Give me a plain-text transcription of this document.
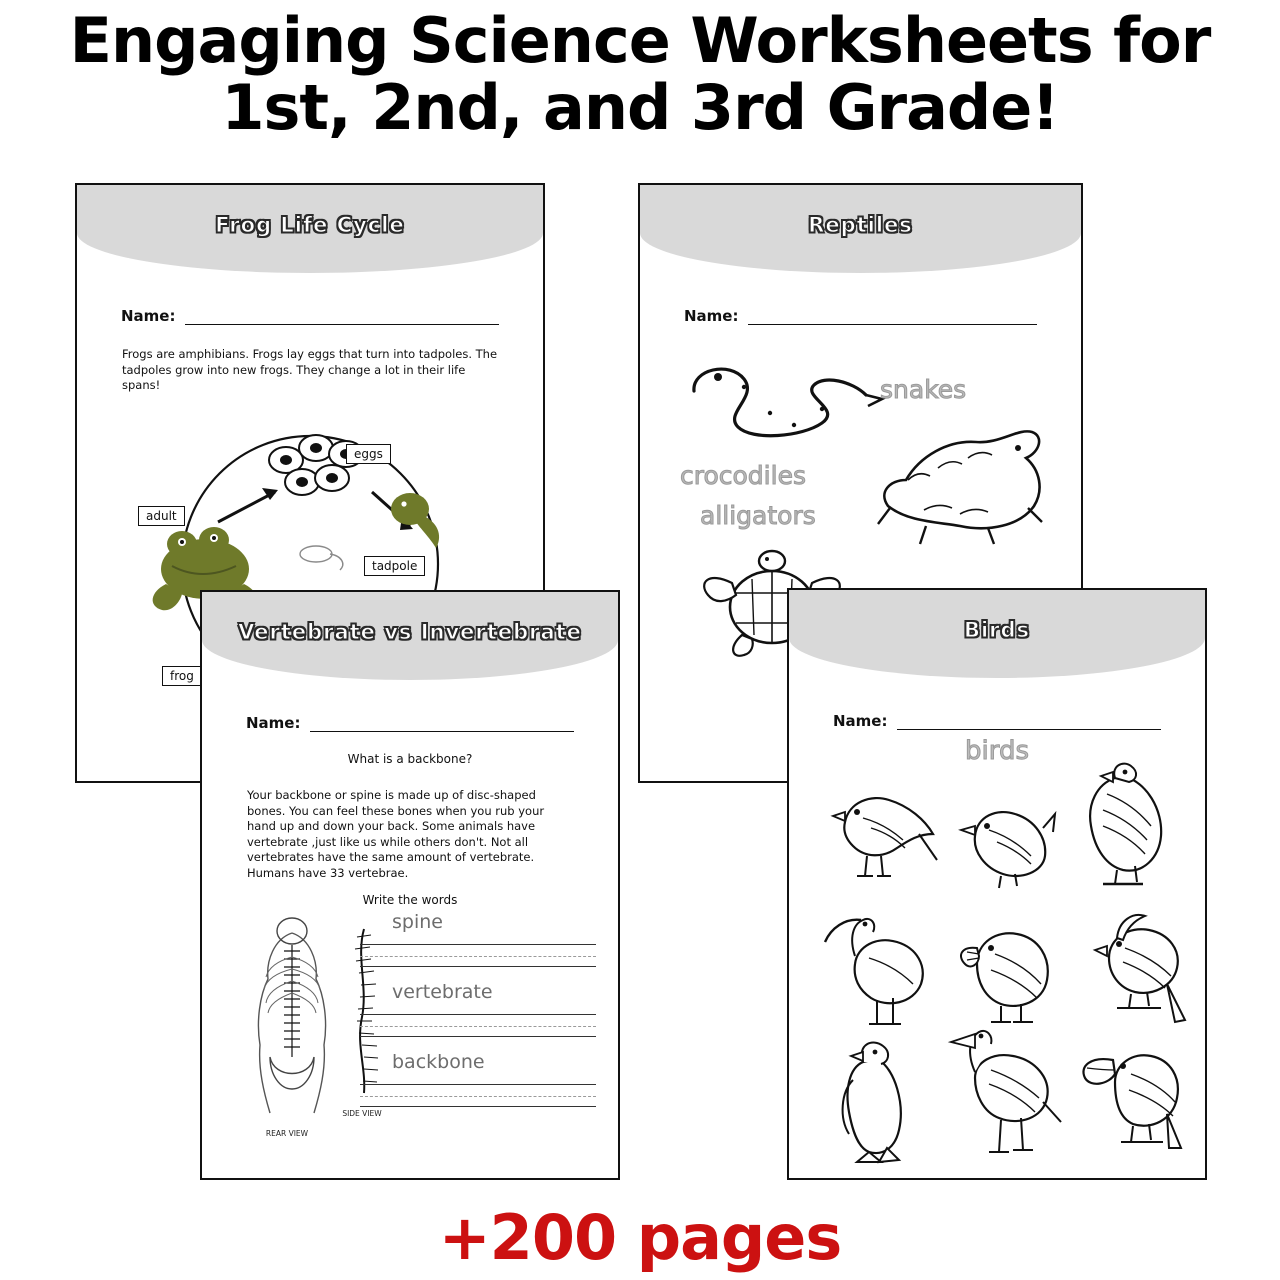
Engaging Science Worksheets for
1st, 2nd, and 3rd Grade!
Frog Life Cycle
Name:
Frogs are amphibians. Frogs lay eggs that turn into tadpoles. The tadpoles grow into new frogs. They change a lot in their life spans!
eggs
tadpole
adult
frog
Reptiles
Name:
snakes
crocodiles
alligators
Vertebrate vs Invertebrate
Name:
What is a backbone?
Your backbone or spine is made up of disc-shaped bones. You can feel these bones when you rub your hand up and down your back. Some animals have vertebrate ,just like us while others don't. Not all vertebrates have the same amount of vertebrate. Humans have 33 vertebrae.
Write the words
REAR VIEW
SIDE VIEW
spine
vertebrate
backbone
Birds
Name:
birds
+200 pages
